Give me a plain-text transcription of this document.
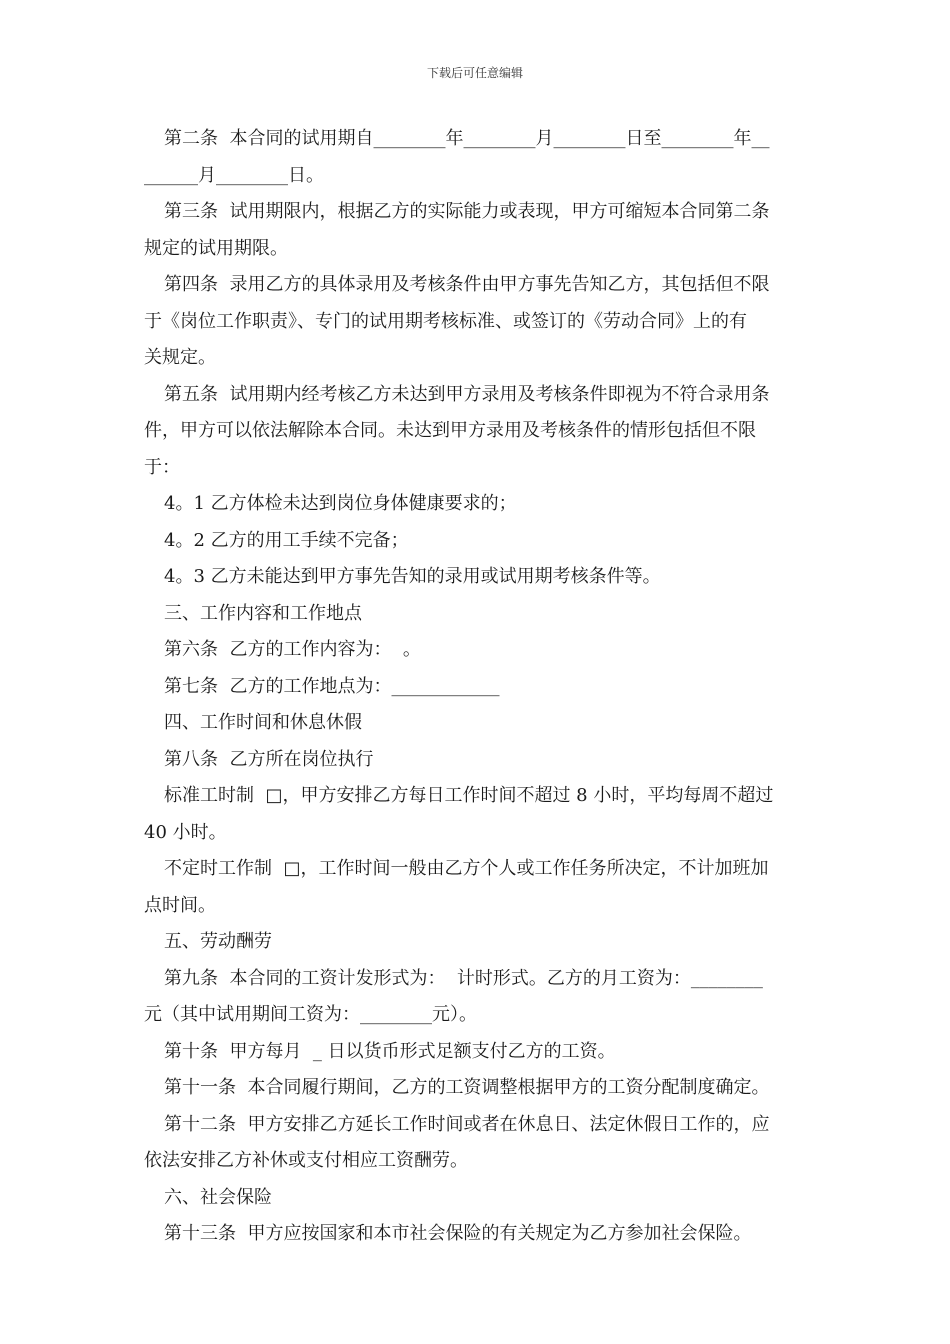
下载后可任意编辑
第二条  本合同的试用期自________年________月________日至________年__
______月________日。
第三条  试用期限内，根据乙方的实际能力或表现，甲方可缩短本合同第二条
规定的试用期限。
第四条  录用乙方的具体录用及考核条件由甲方事先告知乙方，其包括但不限
于《岗位工作职责》、专门的试用期考核标准、或签订的《劳动合同》上的有
关规定。
第五条  试用期内经考核乙方未达到甲方录用及考核条件即视为不符合录用条
件，甲方可以依法解除本合同。未达到甲方录用及考核条件的情形包括但不限
于：
4。1 乙方体检未达到岗位身体健康要求的；
4。2 乙方的用工手续不完备；
4。3 乙方未能达到甲方事先告知的录用或试用期考核条件等。
三、工作内容和工作地点
第六条  乙方的工作内容为：  。
第七条  乙方的工作地点为：____________
四、工作时间和休息休假
第八条  乙方所在岗位执行
标准工时制  □，甲方安排乙方每日工作时间不超过 8 小时，平均每周不超过
40 小时。
不定时工作制  □，工作时间一般由乙方个人或工作任务所决定，不计加班加
点时间。
五、劳动酬劳
第九条  本合同的工资计发形式为：  计时形式。乙方的月工资为：________
元（其中试用期间工资为：________元）。
第十条  甲方每月  _ 日以货币形式足额支付乙方的工资。
第十一条  本合同履行期间，乙方的工资调整根据甲方的工资分配制度确定。
第十二条  甲方安排乙方延长工作时间或者在休息日、法定休假日工作的，应
依法安排乙方补休或支付相应工资酬劳。
六、社会保险
第十三条  甲方应按国家和本市社会保险的有关规定为乙方参加社会保险。
